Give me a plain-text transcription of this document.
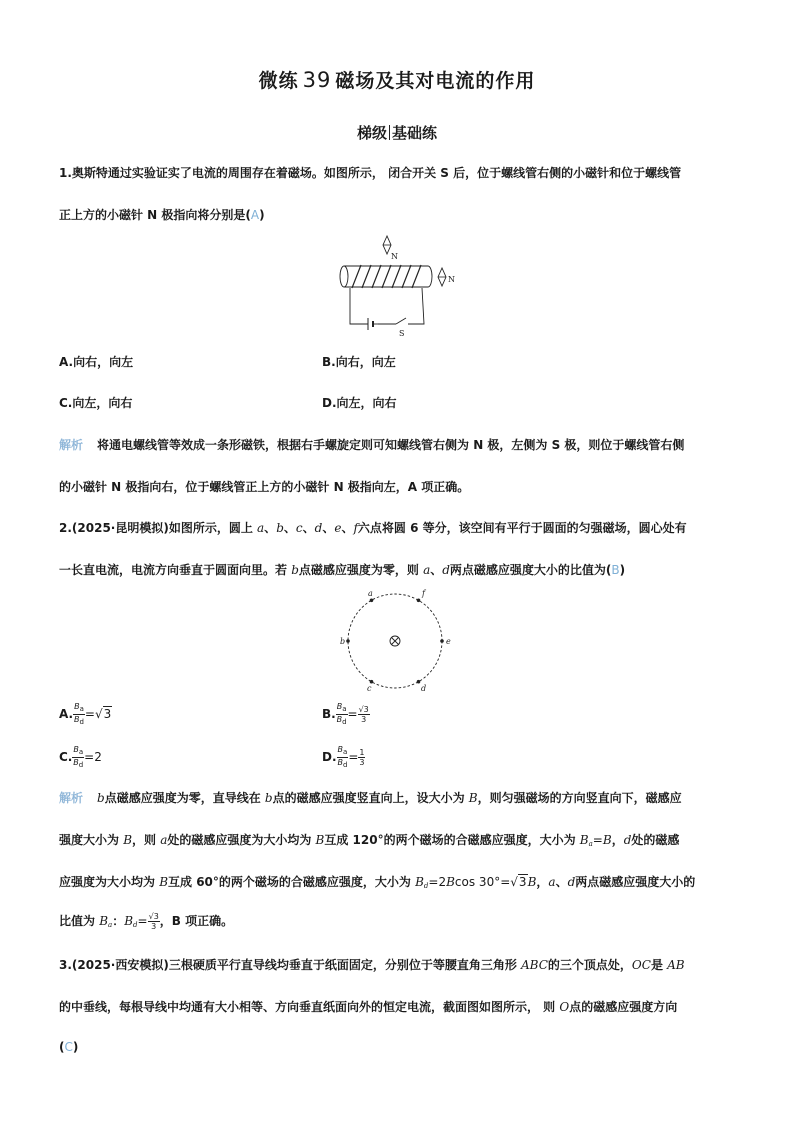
微练 39 磁场及其对电流的作用
梯级 基础练
1.奥斯特通过实验证实了电流的周围存在着磁场。如图所示， 闭合开关 S 后，位于螺线管右侧的小磁针和位于螺线管
正上方的小磁针 N 极指向将分别是(A)
N
S
N
A.向右，向左	B.向右，向左
C.向左，向右	D.向左，向右
解析 将通电螺线管等效成一条形磁铁，根据右手螺旋定则可知螺线管右侧为 N 极，左侧为 S 极，则位于螺线管右侧
的小磁针 N 极指向右，位于螺线管正上方的小磁针 N 极指向左，A 项正确。
2.(2025·昆明模拟)如图所示，圆上 a、b、c、d、e、f六点将圆 6 等分，该空间有平行于圆面的匀强磁场，圆心处有
一长直电流，电流方向垂直于圆面向里。若 b点磁感应强度为零，则 a、d两点磁感应强度大小的比值为(B)
a	f
b	e
c	d
A. $\frac{Ba}{Bd} =√3$	B. $\frac{Ba}{Bd} = \frac{√3}{3}$
C. $\frac{Ba}{Bd} =2$	D. $\frac{Ba}{Bd} = \frac{1}{3}$
解析 b点磁感应强度为零，直导线在 b点的磁感应强度竖直向上，设大小为 B，则匀强磁场的方向竖直向下，磁感应
强度大小为 B，则 a处的磁感应强度为大小均为 B互成 120°的两个磁场的合磁感应强度，大小为 $B_a=B$，d处的磁感
应强度为大小均为 B互成 60°的两个磁场的合磁感应强度，大小为 $B_d=2Bcos$ 30°=√3B，a、d两点磁感应强度大小的
比值为 $B_a$：$B_d= \frac{√3}{3}$ ，B 项正确。
3.(2025·西安模拟)三根硬质平行直导线均垂直于纸面固定，分别位于等腰直角三角形 ABC的三个顶点处，OC是 AB
的中垂线，每根导线中均通有大小相等、方向垂直纸面向外的恒定电流，截面图如图所示， 则 O点的磁感应强度方向
(C)
